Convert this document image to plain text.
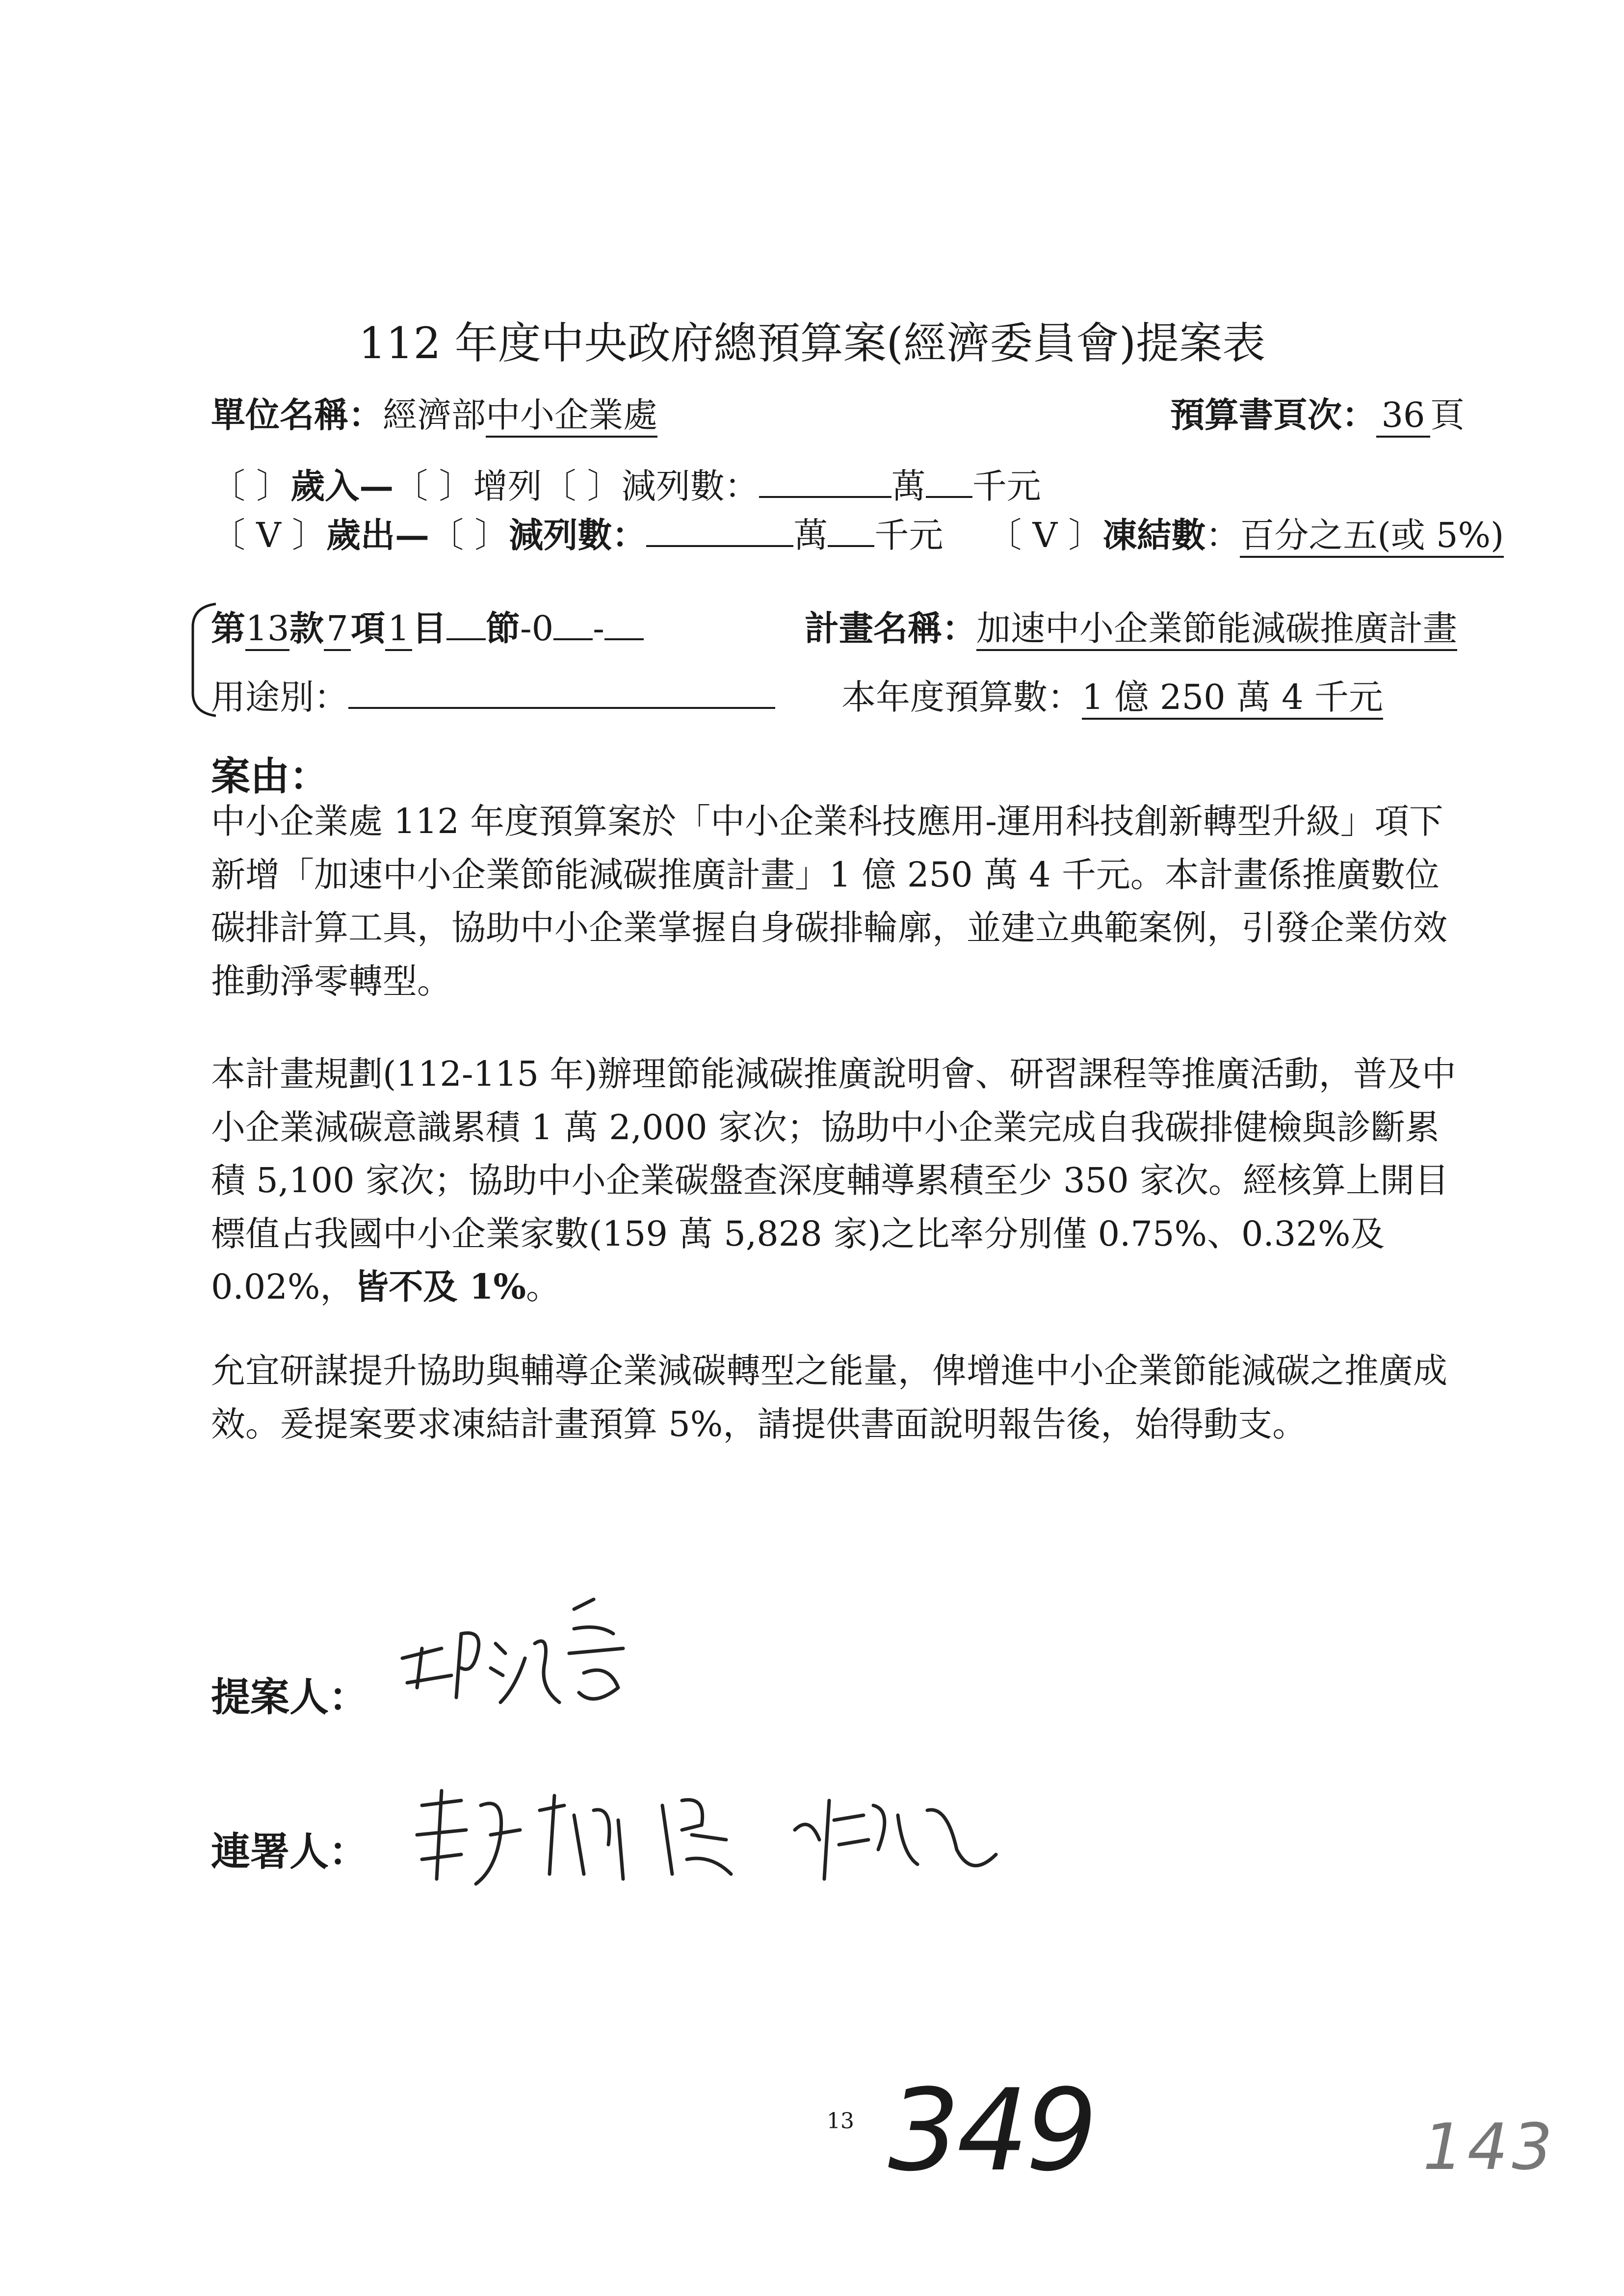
112 年度中央政府總預算案(經濟委員會)提案表
單位名稱：經濟部中小企業處	預算書頁次： 36 頁
〔 〕歲入—〔 〕增列〔 〕減列數：	萬 千元
〔 V 〕歲出—〔 〕減列數：	萬 千元 〔 V 〕凍結數：百分之五(或 5%)
第13款7項1目 節-0 -	計畫名稱：加速中小企業節能減碳推廣計畫
用途別：	本年度預算數：1 億 250 萬 4 千元
案由：

中小企業處 112 年度預算案於「中小企業科技應用-運用科技創新轉型升級」項下新增「加速中小企業節能減碳推廣計畫」1 億 250 萬 4 千元。本計畫係推廣數位碳排計算工具，協助中小企業掌握自身碳排輪廓，並建立典範案例，引發企業仿效推動淨零轉型。

本計畫規劃(112-115 年)辦理節能減碳推廣說明會、研習課程等推廣活動，普及中小企業減碳意識累積 1 萬 2,000 家次；協助中小企業完成自我碳排健檢與診斷累積 5,100 家次；協助中小企業碳盤查深度輔導累積至少 350 家次。經核算上開目標值占我國中小企業家數(159 萬 5,828 家)之比率分別僅 0.75%、0.32%及 0.02%，皆不及 1%。

允宜研謀提升協助與輔導企業減碳轉型之能量，俾增進中小企業節能減碳之推廣成效。爰提案要求凍結計畫預算 5%，請提供書面說明報告後，始得動支。

提案人：
連署人：
13 349	143
